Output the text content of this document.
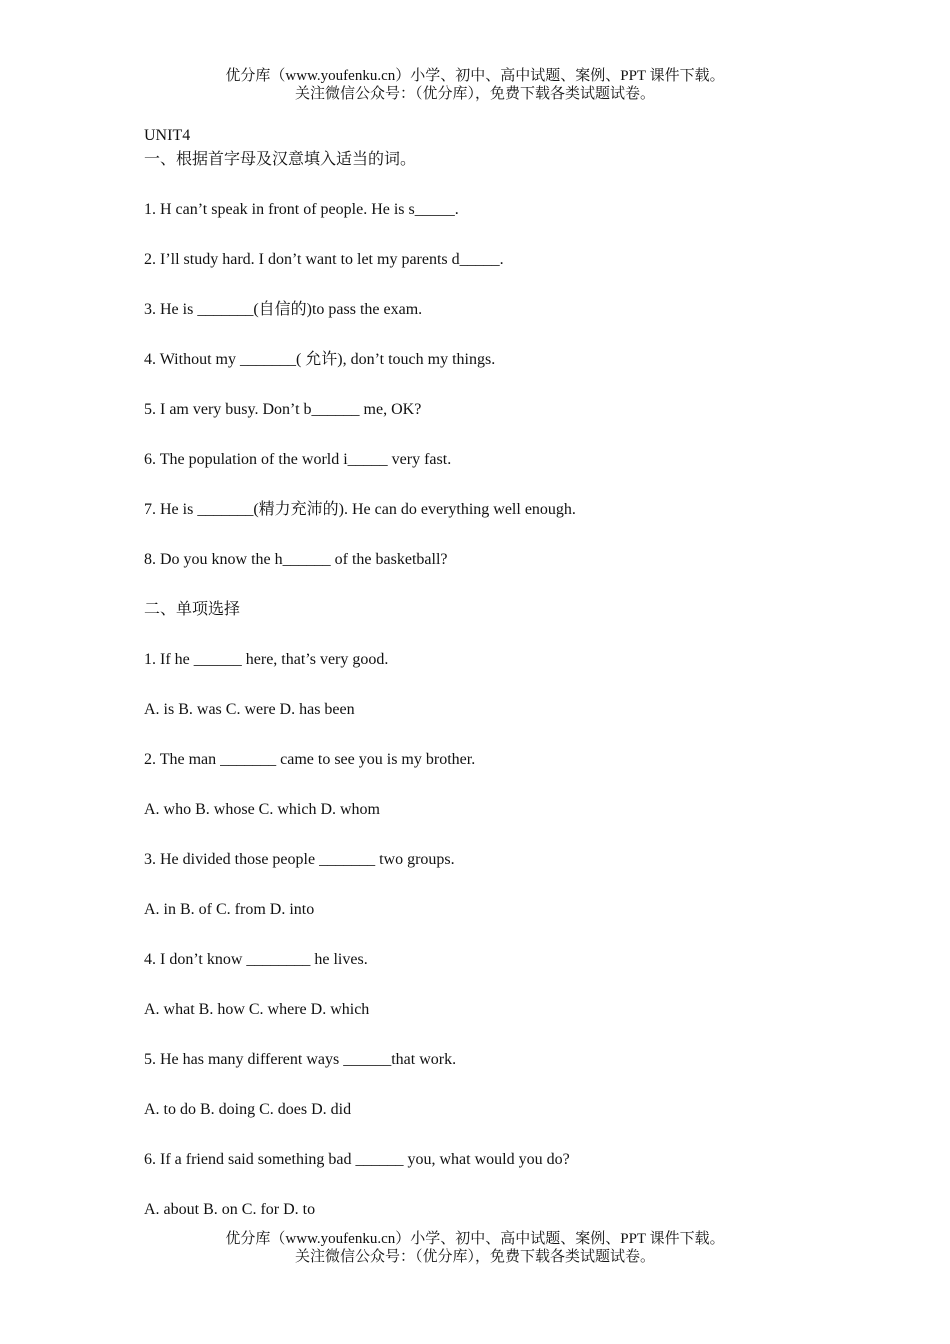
优分库（www.youfenku.cn）小学、初中、高中试题、案例、PPT 课件下载。
关注微信公众号：（优分库），免费下载各类试题试卷。
UNIT4
一、根据首字母及汉意填入适当的词。
1. H can’t speak in front of people. He is s_____.
2. I’ll study hard. I don’t want to let my parents d_____.
3. He is _______(自信的)to pass the exam.
4. Without my _______( 允许), don’t touch my things.
5. I am very busy. Don’t b______ me, OK?
6. The population of the world i_____ very fast.
7. He is _______(精力充沛的). He can do everything well enough.
8. Do you know the h______ of the basketball?
二、单项选择
1. If he ______ here, that’s very good.
A. is B. was C. were D. has been
2. The man _______ came to see you is my brother.
A. who B. whose C. which D. whom
3. He divided those people _______ two groups.
A. in B. of C. from D. into
4. I don’t know ________ he lives.
A. what B. how C. where D. which
5. He has many different ways ______that work.
A. to do B. doing C. does D. did
6. If a friend said something bad ______ you, what would you do?
A. about B. on C. for D. to
优分库（www.youfenku.cn）小学、初中、高中试题、案例、PPT 课件下载。
关注微信公众号：（优分库），免费下载各类试题试卷。
